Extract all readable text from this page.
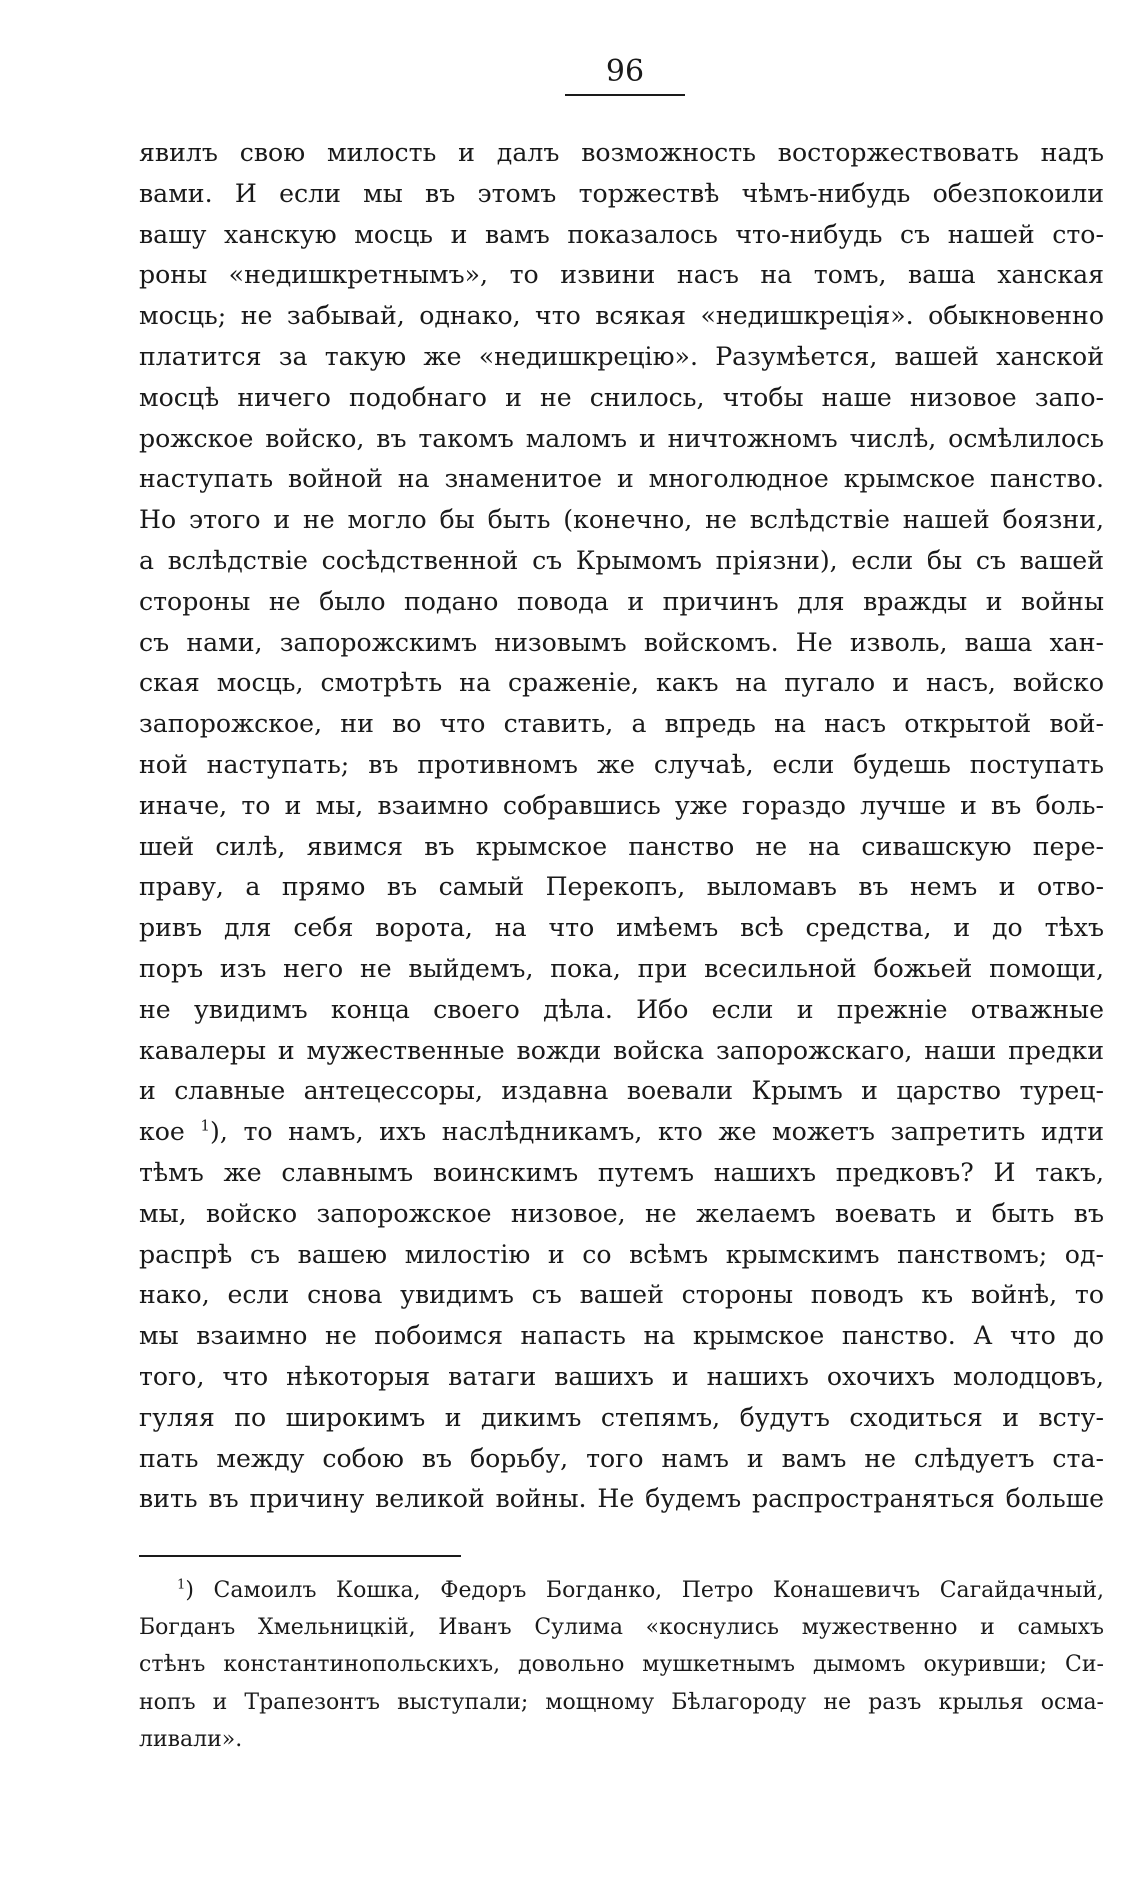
96
явилъ свою милость и далъ возможность восторжествовать надъ
вами. И если мы въ этомъ торжествѣ чѣмъ-нибудь обезпокоили
вашу ханскую мосць и вамъ показалось что-нибудь съ нашей сто-
роны «недишкретнымъ», то извини насъ на томъ, ваша ханская
мосць; не забывай, однако, что всякая «недишкреція». обыкновенно
платится за такую же «недишкрецію». Разумѣется, вашей ханской
мосцѣ ничего подобнаго и не снилось, чтобы наше низовое запо-
рожское войско, въ такомъ маломъ и ничтожномъ числѣ, осмѣлилось
наступать войной на знаменитое и многолюдное крымское панство.
Но этого и не могло бы быть (конечно, не вслѣдствіе нашей боязни,
а вслѣдствіе сосѣдственной съ Крымомъ пріязни), если бы съ вашей
стороны не было подано повода и причинъ для вражды и войны
съ нами, запорожскимъ низовымъ войскомъ. Не изволь, ваша хан-
ская мосць, смотрѣть на сраженіе, какъ на пугало и насъ, войско
запорожское, ни во что ставить, а впредь на насъ открытой вой-
ной наступать; въ противномъ же случаѣ, если будешь поступать
иначе, то и мы, взаимно собравшись уже гораздо лучше и въ боль-
шей силѣ, явимся въ крымское панство не на сивашскую пере-
праву, а прямо въ самый Перекопъ, выломавъ въ немъ и отво-
ривъ для себя ворота, на что имѣемъ всѣ средства, и до тѣхъ
поръ изъ него не выйдемъ, пока, при всесильной божьей помощи,
не увидимъ конца своего дѣла. Ибо если и прежніе отважные
кавалеры и мужественные вожди войска запорожскаго, наши предки
и славные антецессоры, издавна воевали Крымъ и царство турец-
кое $^1$), то намъ, ихъ наслѣдникамъ, кто же можетъ запретить идти
тѣмъ же славнымъ воинскимъ путемъ нашихъ предковъ? И такъ,
мы, войско запорожское низовое, не желаемъ воевать и быть въ
распрѣ съ вашею милостію и со всѣмъ крымскимъ панствомъ; од-
нако, если снова увидимъ съ вашей стороны поводъ къ войнѣ, то
мы взаимно не побоимся напасть на крымское панство. А что до
того, что нѣкоторыя ватаги вашихъ и нашихъ охочихъ молодцовъ,
гуляя по широкимъ и дикимъ степямъ, будутъ сходиться и всту-
пать между собою въ борьбу, того намъ и вамъ не слѣдуетъ ста-
вить въ причину великой войны. Не будемъ распространяться больше
$^1$) Самоилъ Кошка, Федоръ Богданко, Петро Конашевичъ Сагайдачный,
Богданъ Хмельницкій, Иванъ Сулима «коснулись мужественно и самыхъ
стѣнъ константинопольскихъ, довольно мушкетнымъ дымомъ окуривши; Си-
нопъ и Трапезонтъ выступали; мощному Бѣлагороду не разъ крылья осма-
ливали».
